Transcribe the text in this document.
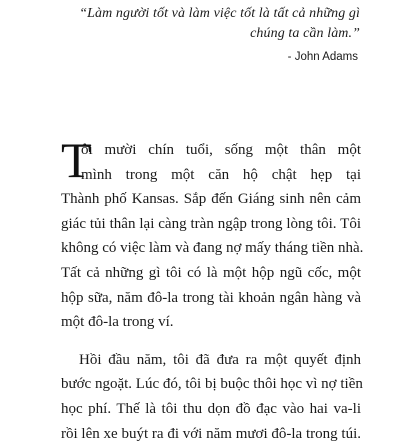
“Làm người tốt và làm việc tốt là tất cả những gì
chúng ta cần làm.”
- John Adams
T
ôi mười chín tuổi, sống một thân một
mình trong một căn hộ chật hẹp tại
Thành phố Kansas. Sắp đến Giáng sinh nên cảm
giác tủi thân lại càng tràn ngập trong lòng tôi. Tôi
không có việc làm và đang nợ mấy tháng tiền nhà.
Tất cả những gì tôi có là một hộp ngũ cốc, một
hộp sữa, năm đô-la trong tài khoản ngân hàng và
một đô-la trong ví.
Hồi đầu năm, tôi đã đưa ra một quyết định
bước ngoặt. Lúc đó, tôi bị buộc thôi học vì nợ tiền
học phí. Thế là tôi thu dọn đồ đạc vào hai va-li
rồi lên xe buýt ra đi với năm mươi đô-la trong túi.
